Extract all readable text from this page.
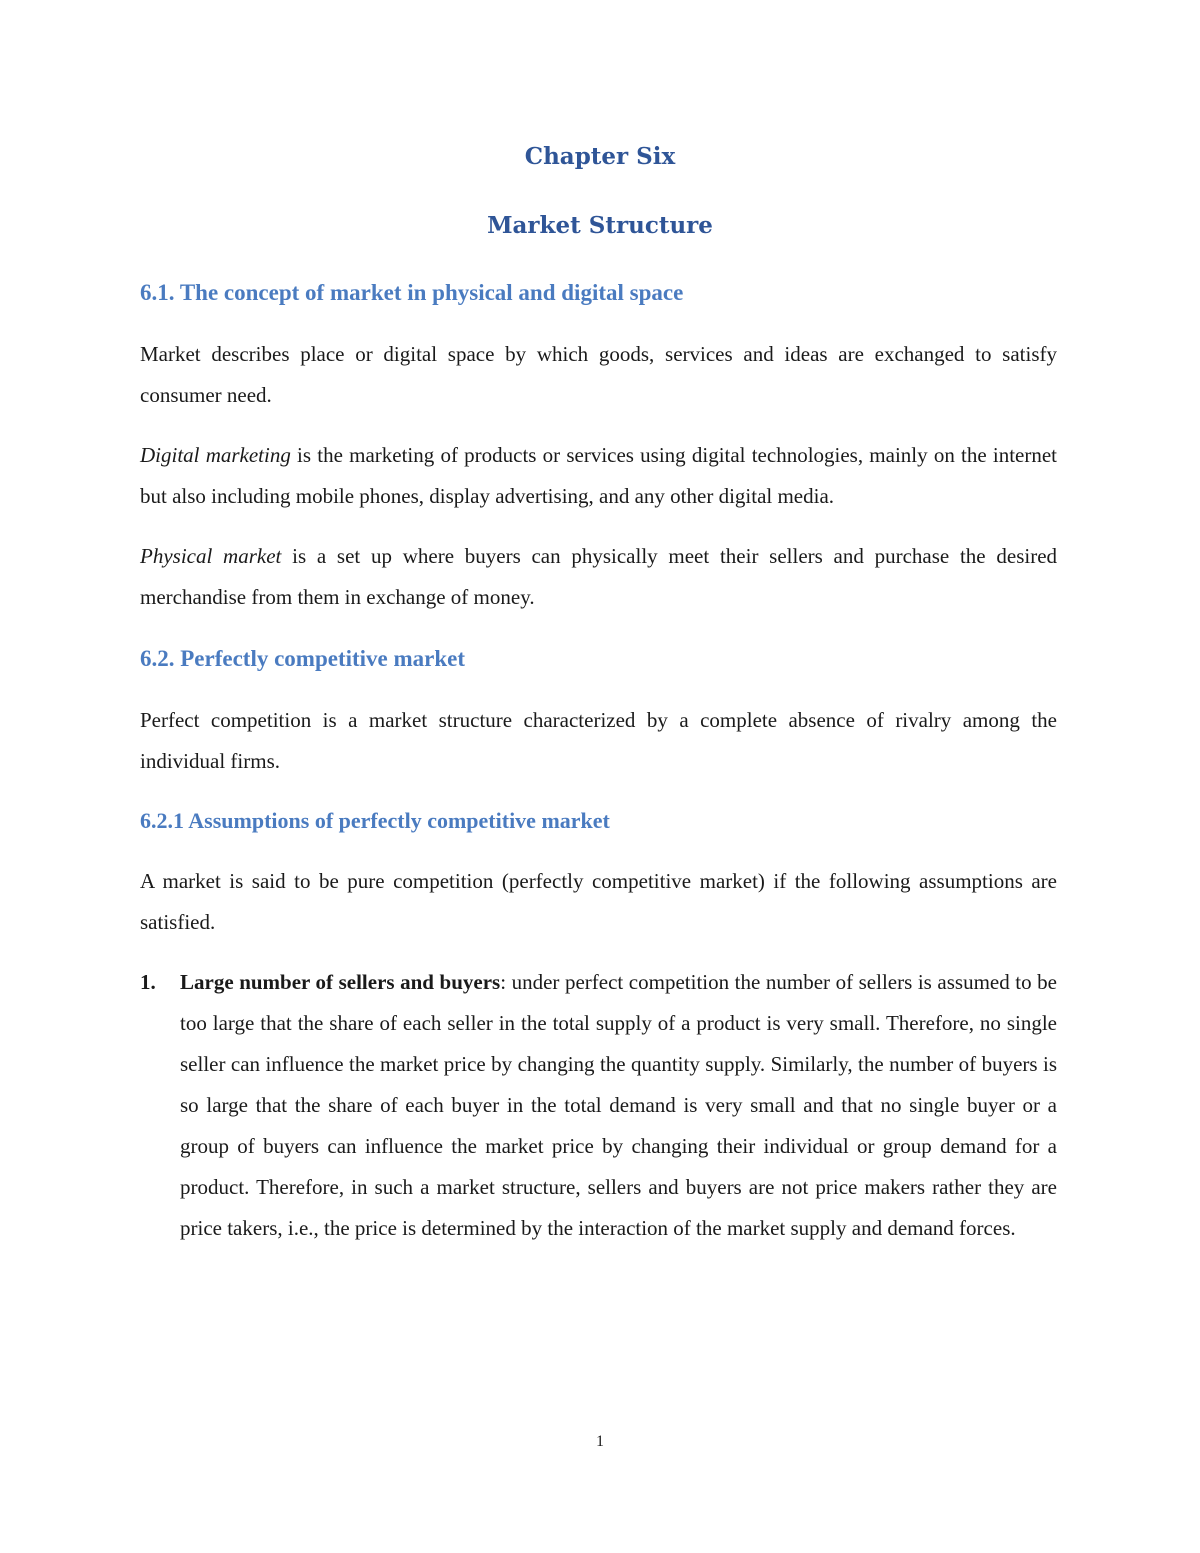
Chapter Six
Market Structure
6.1. The concept of market in physical and digital space

Market describes place or digital space by which goods, services and ideas are exchanged to satisfy consumer need.

Digital marketing is the marketing of products or services using digital technologies, mainly on the internet but also including mobile phones, display advertising, and any other digital media.

Physical market is a set up where buyers can physically meet their sellers and purchase the desired merchandise from them in exchange of money.

6.2. Perfectly competitive market

Perfect competition is a market structure characterized by a complete absence of rivalry among the individual firms.

6.2.1 Assumptions of perfectly competitive market

A market is said to be pure competition (perfectly competitive market) if the following assumptions are satisfied.

1. Large number of sellers and buyers: under perfect competition the number of sellers is assumed to be too large that the share of each seller in the total supply of a product is very small. Therefore, no single seller can influence the market price by changing the quantity supply. Similarly, the number of buyers is so large that the share of each buyer in the total demand is very small and that no single buyer or a group of buyers can influence the market price by changing their individual or group demand for a product. Therefore, in such a market structure, sellers and buyers are not price makers rather they are price takers, i.e., the price is determined by the interaction of the market supply and demand forces.
1
